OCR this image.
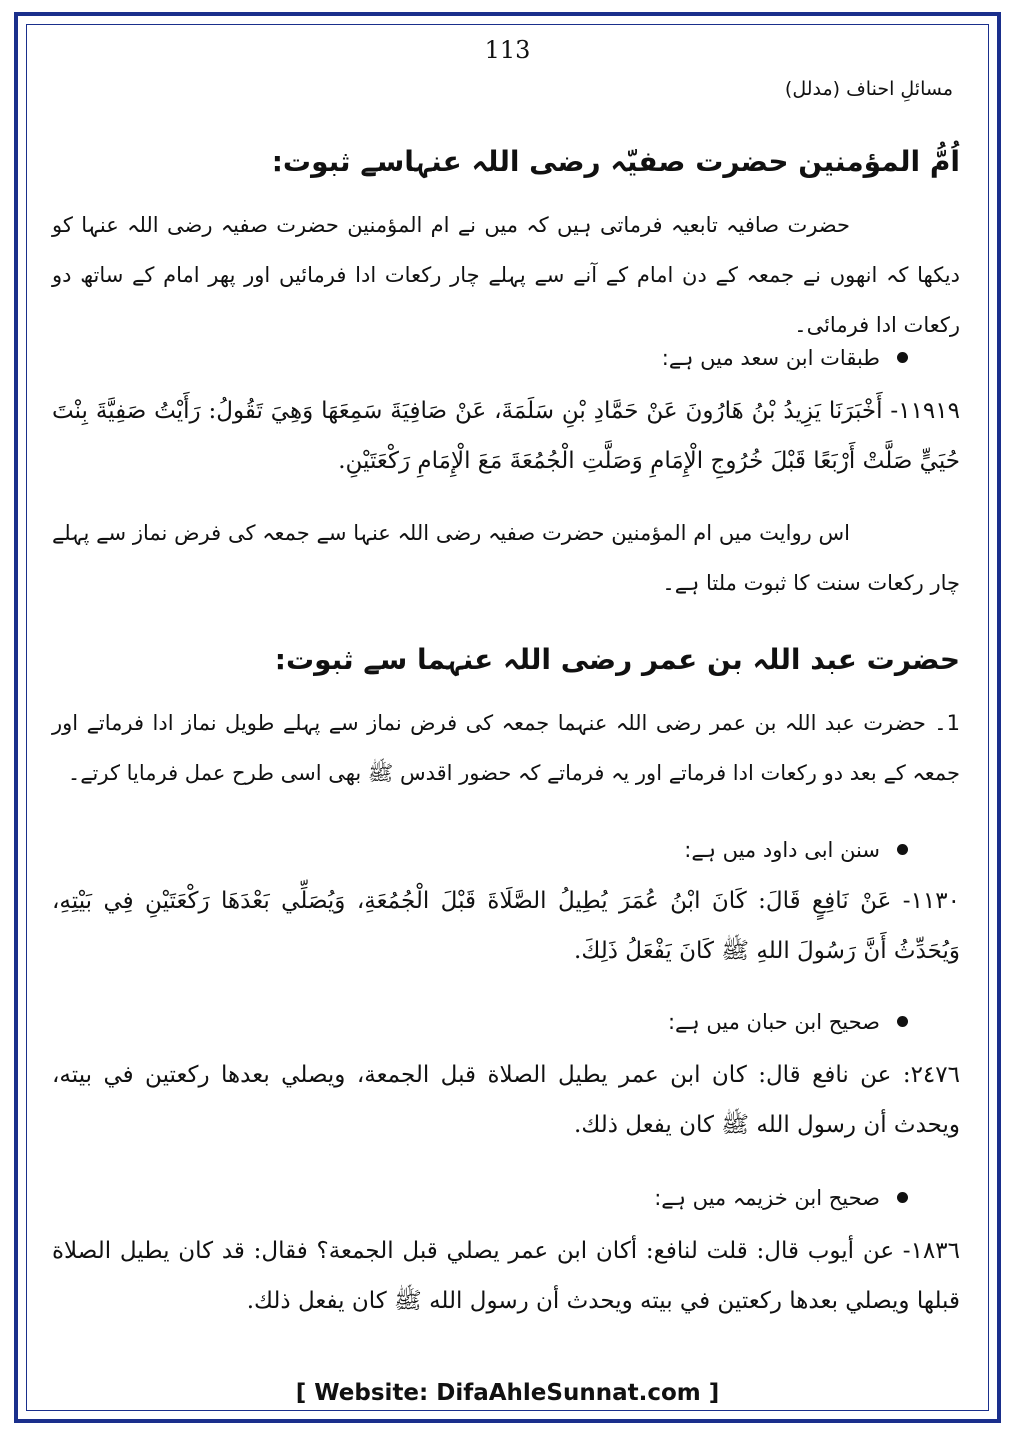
113
مسائلِ احناف (مدلل)
اُمُّ المؤمنین حضرت صفیّہ رضی اللہ عنہاسے ثبوت:
حضرت صافیہ تابعیہ فرماتی ہیں کہ میں نے ام المؤمنین حضرت صفیہ رضی اللہ عنہا کو دیکھا کہ انھوں نے جمعہ کے دن امام کے آنے سے پہلے چار رکعات ادا فرمائیں اور پھر امام کے ساتھ دو رکعات ادا فرمائی۔
طبقات ابن سعد میں ہے:
١١٩١٩- أَخْبَرَنَا يَزِيدُ بْنُ هَارُونَ عَنْ حَمَّادِ بْنِ سَلَمَةَ، عَنْ صَافِيَةَ سَمِعَهَا وَهِيَ تَقُولُ: رَأَيْتُ صَفِيَّةَ بِنْتَ حُيَيٍّ صَلَّتْ أَرْبَعًا قَبْلَ خُرُوجِ الْإِمَامِ وَصَلَّتِ الْجُمُعَةَ مَعَ الْإِمَامِ رَكْعَتَيْنِ.
اس روایت میں ام المؤمنین حضرت صفیہ رضی اللہ عنہا سے جمعہ کی فرض نماز سے پہلے چار رکعات سنت کا ثبوت ملتا ہے۔
حضرت عبد اللہ بن عمر رضی اللہ عنہما سے ثبوت:
1۔ حضرت عبد اللہ بن عمر رضی اللہ عنہما جمعہ کی فرض نماز سے پہلے طویل نماز ادا فرماتے اور جمعہ کے بعد دو رکعات ادا فرماتے اور یہ فرماتے کہ حضور اقدس ﷺ بھی اسی طرح عمل فرمایا کرتے۔
سنن ابی داود میں ہے:
١١٣٠- عَنْ نَافِعٍ قَالَ: كَانَ ابْنُ عُمَرَ يُطِيلُ الصَّلَاةَ قَبْلَ الْجُمُعَةِ، وَيُصَلِّي بَعْدَهَا رَكْعَتَيْنِ فِي بَيْتِهِ، وَيُحَدِّثُ أَنَّ رَسُولَ اللهِ ﷺ كَانَ يَفْعَلُ ذَلِكَ.
صحیح ابن حبان میں ہے:
٢٤٧٦: عن نافع قال: كان ابن عمر يطيل الصلاة قبل الجمعة، ويصلي بعدها ركعتين في بيته، ويحدث أن رسول الله ﷺ كان يفعل ذلك.
صحیح ابن خزیمہ میں ہے:
١٨٣٦- عن أيوب قال: قلت لنافع: أكان ابن عمر يصلي قبل الجمعة؟ فقال: قد كان يطيل الصلاة قبلها ويصلي بعدها ركعتين في بيته ويحدث أن رسول الله ﷺ كان يفعل ذلك.
[ Website: DifaAhleSunnat.com ]
